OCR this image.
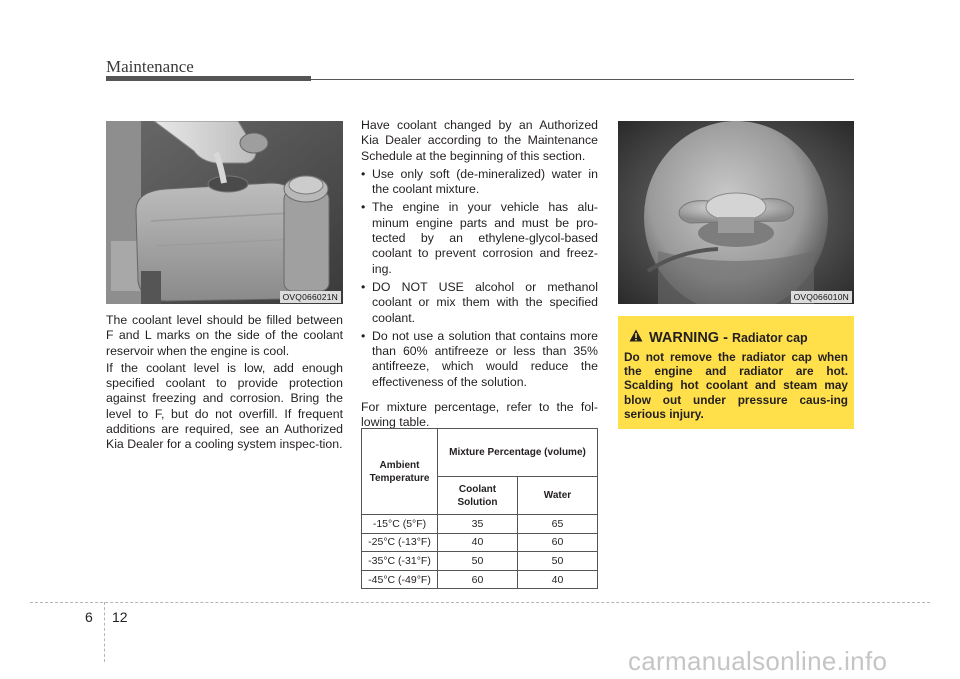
Maintenance
OVQ066021N	OVQ066010N

The coolant level should be filled between F and L marks on the side of the coolant reservoir when the engine is cool.

If the coolant level is low, add enough specified coolant to provide protection against freezing and corrosion. Bring the level to F, but do not overfill. If frequent additions are required, see an Authorized Kia Dealer for a cooling system inspec-tion.

Have coolant changed by an Authorized Kia Dealer according to the Maintenance Schedule at the beginning of this section.

• Use only soft (de-mineralized) water in the coolant mixture.
• The engine in your vehicle has alu-minum engine parts and must be pro-tected by an ethylene-glycol-based coolant to prevent corrosion and freez-ing.
• DO NOT USE alcohol or methanol coolant or mix them with the specified coolant.
• Do not use a solution that contains more than 60% antifreeze or less than 35% antifreeze, which would reduce the effectiveness of the solution.

For mixture percentage, refer to the fol-lowing table.

Ambient Temperature	Mixture Percentage (volume)	
	Coolant Solution	Water
-15°C (5°F)	35	65
-25°C (-13°F)	40	60
-35°C (-31°F)	50	50
-45°C (-49°F)	60	40
WARNING - Radiator cap
Do not remove the radiator cap when the engine and radiator are hot. Scalding hot coolant and steam may blow out under pressure caus-ing serious injury.
6 12
carmanualsonline.info
